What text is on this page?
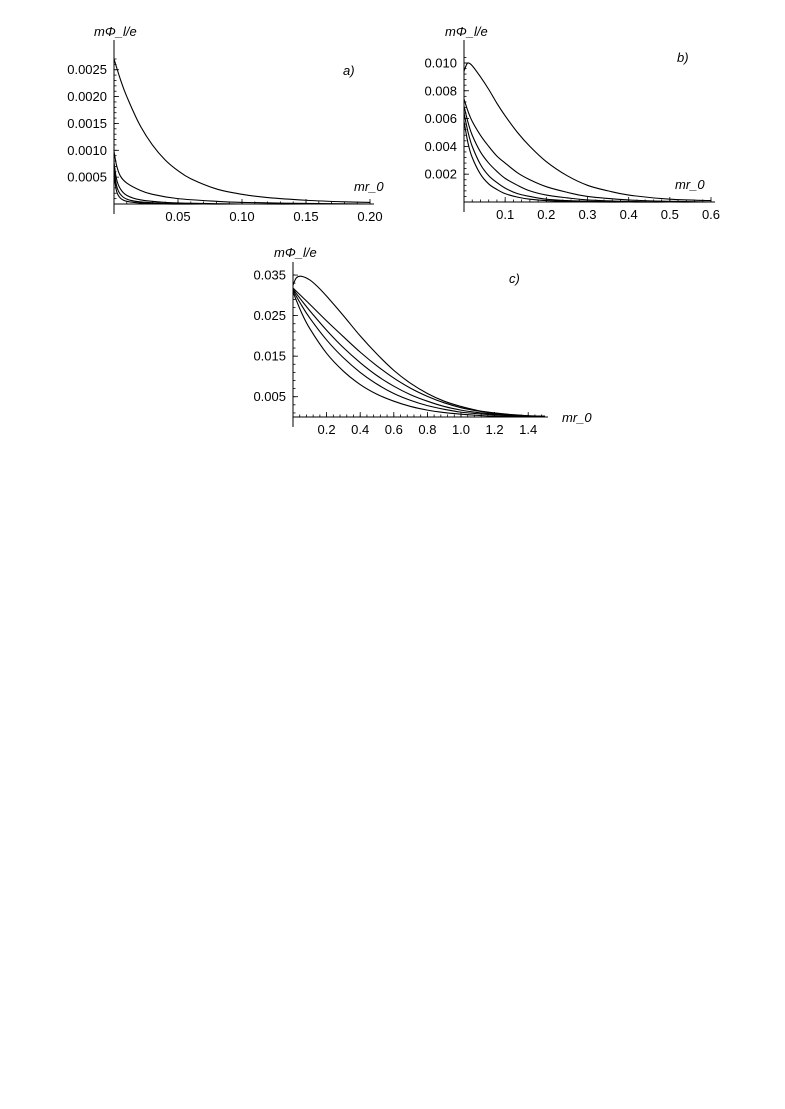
0.05	0.10	0.15	0.20
0.0005
0.0010
0.0015
0.0020
0.0025
mΦ_l/e
mr_0
a)
0.1 0.2 0.3 0.4 0.5 0.6
0.002
0.004
0.006
0.008
0.010
mΦ_l/e
mr_0
b)
0.2 0.4 0.6 0.8 1.0 1.2 1.4
0.005
0.015
0.025
0.035
mΦ_l/e
mr_0
c)
